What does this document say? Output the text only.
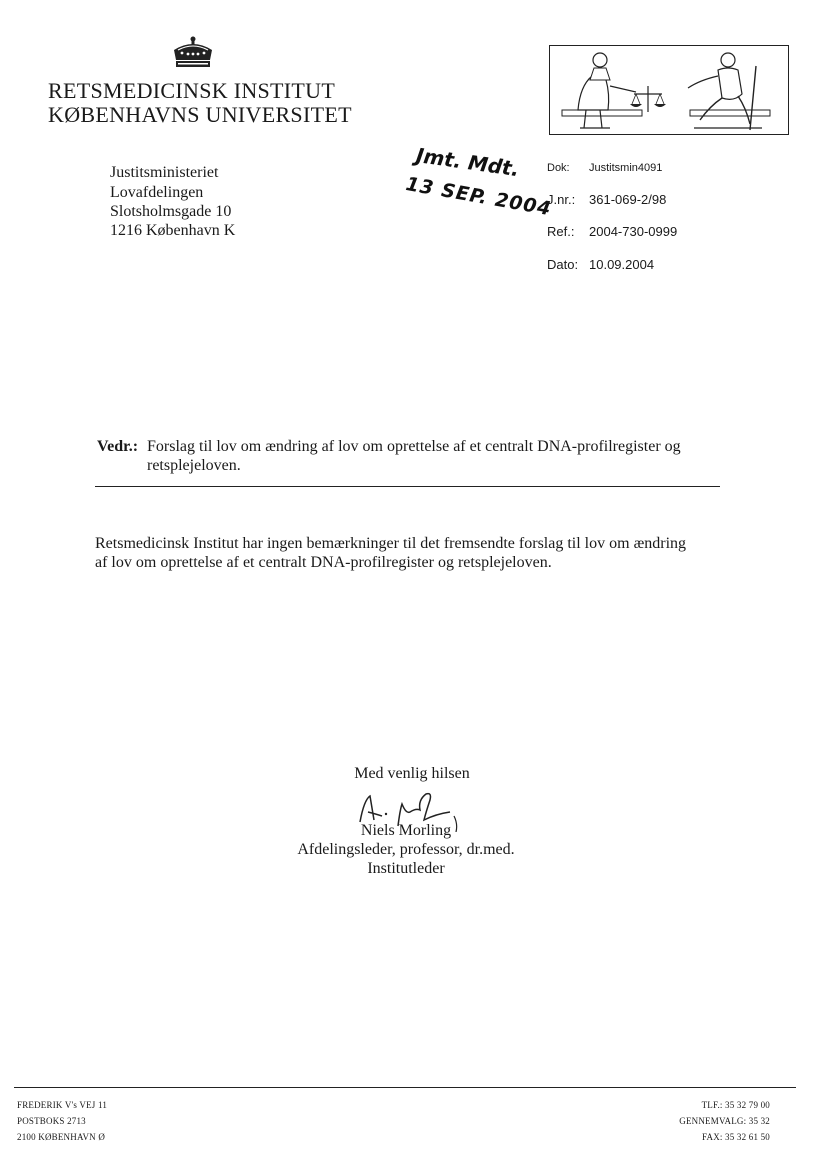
RETSMEDICINSK INSTITUT
KØBENHAVNS UNIVERSITET
Justitsministeriet
Lovafdelingen
Slotsholmsgade 10
1216 København K
Jmt. Mdt.
13 SEP. 2004
Dok: Justitsmin4091
J.nr.: 361-069-2/98
Ref.: 2004-730-0999
Dato: 10.09.2004
Vedr.: Forslag til lov om ændring af lov om oprettelse af et centralt DNA-profilregister og
retsplejeloven.
Retsmedicinsk Institut har ingen bemærkninger til det fremsendte forslag til lov om ændring
af lov om oprettelse af et centralt DNA-profilregister og retsplejeloven.
Med venlig hilsen
Niels Morling
Afdelingsleder, professor, dr.med.
Institutleder
FREDERIK V's VEJ 11
POSTBOKS 2713
2100 KØBENHAVN Ø
TLF.: 35 32 79 00
GENNEMVALG: 35 32
FAX: 35 32 61 50
